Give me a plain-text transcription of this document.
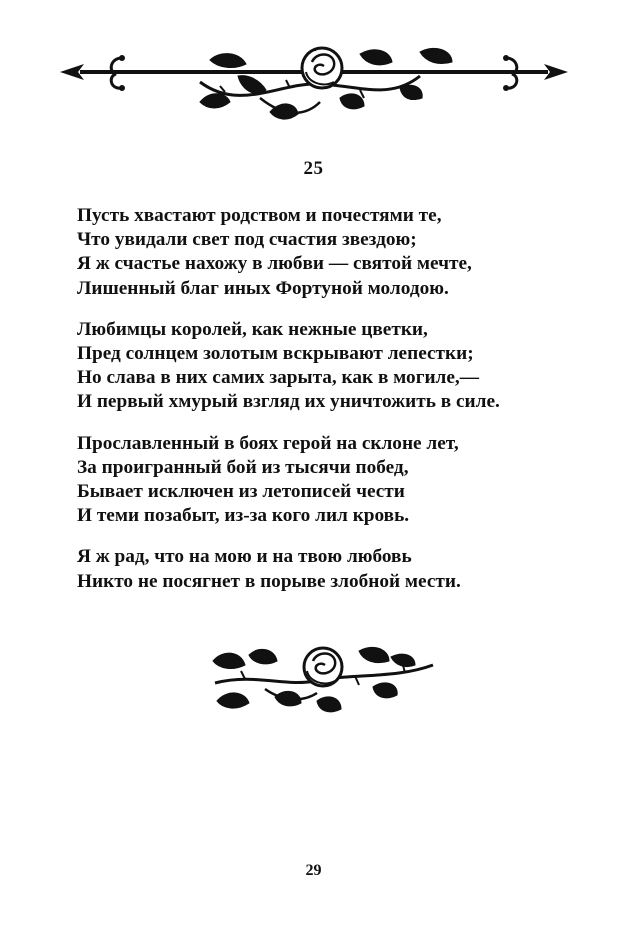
25
Пусть хвастают родством и почестями те,
Что увидали свет под счастия звездою;
Я ж счастье нахожу в любви — святой мечте,
Лишенный благ иных Фортуной молодою.
Любимцы королей, как нежные цветки,
Пред солнцем золотым вскрывают лепестки;
Но слава в них самих зарыта, как в могиле,—
И первый хмурый взгляд их уничтожить в силе.
Прославленный в боях герой на склоне лет,
За проигранный бой из тысячи побед,
Бывает исключен из летописей чести
И теми позабыт, из-за кого лил кровь.
Я ж рад, что на мою и на твою любовь
Никто не посягнет в порыве злобной мести.
29
